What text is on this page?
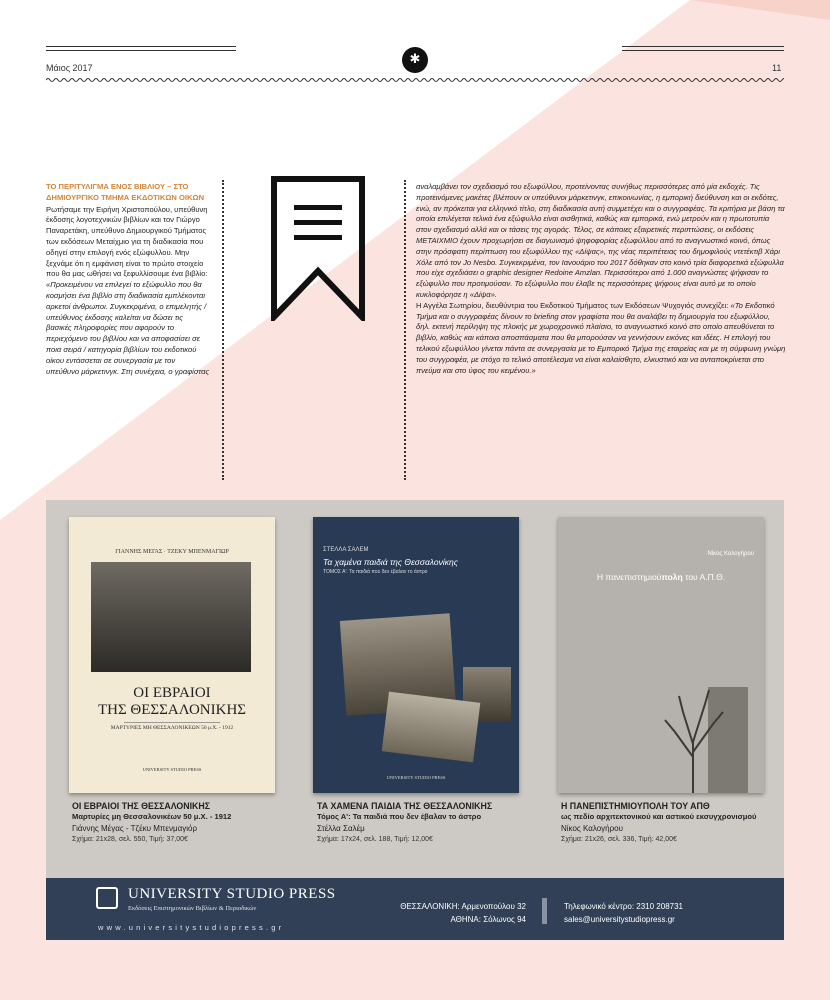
✱
Μάιος 2017	11

ΤΟ ΠΕΡΙΤΥΛΙΓΜΑ ΕΝΟΣ ΒΙΒΛΙΟΥ – ΣΤΟ ΔΗΜΙΟΥΡΓΙΚΟ ΤΜΗΜΑ ΕΚΔΟΤΙΚΩΝ ΟΙΚΩΝ

Ρωτήσαμε την Ειρήνη Χριστοπούλου, υπεύθυνη έκδοσης λογοτεχνικών βιβλίων και τον Γιώργο Παναρετάκη, υπεύθυνο Δημιουργικού Τμήματος των εκδόσεων Μεταίχμιο για τη διαδικασία που οδηγεί στην επιλογή ενός εξώφυλλου. Μην ξεχνάμε ότι η εμφάνιση είναι το πρώτο στοιχείο που θα μας ωθήσει να ξεφυλλίσουμε ένα βιβλίο: «Προκειμένου να επιλεγεί το εξώφυλλο που θα κοσμήσει ένα βιβλίο στη διαδικασία εμπλέκονται αρκετοί άνθρωποι. Συγκεκριμένα, ο επιμελητής / υπεύθυνος έκδοσης καλείται να δώσει τις βασικές πληροφορίες που αφορούν το περιεχόμενο του βιβλίου και να αποφασίσει σε ποια σειρά / κατηγορία βιβλίων του εκδοτικού οίκου εντάσσεται σε συνεργασία με τον υπεύθυνο μάρκετινγκ. Στη συνέχεια, ο γραφίστας

αναλαμβάνει τον σχεδιασμό του εξωφύλλου, προτείνοντας συνήθως περισσότερες από μία εκδοχές. Τις προτεινόμενες μακέτες βλέπουν οι υπεύθυνοι μάρκετινγκ, επικοινωνίας, η εμπορική διεύθυνση και οι εκδότες, ενώ, αν πρόκειται για ελληνικό τίτλο, στη διαδικασία αυτή συμμετέχει και ο συγγραφέας. Τα κριτήρια με βάση τα οποία επιλέγεται τελικά ένα εξώφυλλο είναι αισθητικά, καθώς και εμπορικά, ενώ μετρούν και η πρωτοτυπία στον σχεδιασμό αλλά και οι τάσεις της αγοράς. Τέλος, σε κάποιες εξαιρετικές περιπτώσεις, οι εκδόσεις ΜΕΤΑΙΧΜΙΟ έχουν προχωρήσει σε διαγωνισμό ψηφοφορίας εξωφύλλου από το αναγνωστικό κοινό, όπως στην πρόσφατη περίπτωση του εξωφύλλου της «Δίψας», της νέας περιπέτειας του δημοφιλούς ντετέκτιβ Χάρι Χόλε από τον Jo Nesbo. Συγκεκριμένα, τον Ιανουάριο του 2017 δόθηκαν στο κοινό τρία διαφορετικά εξώφυλλα που είχε σχεδιάσει ο graphic designer Redoine Amzlan. Περισσότεροι από 1.000 αναγνώστες ψήφισαν το εξώφυλλο που προτιμούσαν. Το εξώφυλλο που έλαβε τις περισσότερες ψήφους είναι αυτό με το οποίο κυκλοφόρησε η «Δίψα».

Η Αγγέλα Σωτηρίου, διευθύντρια του Εκδοτικού Τμήματος των Εκδόσεων Ψυχογιός συνεχίζει: «Το Εκδοτικό Τμήμα και ο συγγραφέας δίνουν το briefing στον γραφίστα που θα αναλάβει τη δημιουργία του εξωφύλλου, δηλ. εκτενή περίληψη της πλοκής με χωροχρονικό πλαίσιο, το αναγνωστικό κοινό στο οποίο απευθύνεται το βιβλίο, καθώς και κάποια αποσπάσματα που θα μπορούσαν να γεννήσουν εικόνες και ιδέες. Η επιλογή του τελικού εξωφύλλου γίνεται πάντα σε συνεργασία με το Εμπορικό Τμήμα της εταιρείας και με τη σύμφωνη γνώμη του συγγραφέα, με στόχο το τελικό αποτέλεσμα να είναι καλαίσθητο, ελκυστικό και να ανταποκρίνεται στο πνεύμα και στο ύφος του κειμένου.»

ΓΙΑΝΝΗΣ ΜΕΓΑΣ · ΤΖΕΚΥ ΜΠΕΝΜΑΓΙΩΡ
ΟΙ ΕΒΡΑΙΟΙ
ΤΗΣ ΘΕΣΣΑΛΟΝΙΚΗΣ
ΜΑΡΤΥΡΙΕΣ ΜΗ ΘΕΣΣΑΛΟΝΙΚΕΩΝ 50 μ.Χ. - 1912
UNIVERSITY STUDIO PRESS
ΣΤΕΛΛΑ ΣΑΛΕΜ
Τα χαμένα παιδιά της Θεσσαλονίκης
ΤΟΜΟΣ Α': Τα παιδιά που δεν έβαλαν το άστρο
UNIVERSITY STUDIO PRESS
Νίκος Καλογήρου
Η πανεπιστημιούπολη του Α.Π.Θ.
ΟΙ ΕΒΡΑΙΟΙ ΤΗΣ ΘΕΣΣΑΛΟΝΙΚΗΣ
Μαρτυρίες μη Θεσσαλονικέων 50 μ.Χ. - 1912
Γιάννης Μέγας - Τζέκυ Μπενμαγιόρ
Σχήμα: 21x28, σελ. 550, Τιμή: 37,00€
ΤΑ ΧΑΜΕΝΑ ΠΑΙΔΙΑ ΤΗΣ ΘΕΣΣΑΛΟΝΙΚΗΣ
Τόμος Α': Τα παιδιά που δεν έβαλαν το άστρο
Στέλλα Σαλέμ
Σχήμα: 17x24, σελ. 188, Τιμή: 12,00€
Η ΠΑΝΕΠΙΣΤΗΜΙΟΥΠΟΛΗ ΤΟΥ ΑΠΘ
ως πεδίο αρχιτεκτονικού και αστικού εκσυγχρονισμού
Νίκος Καλογήρου
Σχήμα: 21x26, σελ. 336, Τιμή: 42,00€
UNIVERSITY STUDIO PRESS
Εκδόσεις Επιστημονικών Βιβλίων & Περιοδικών
www.universitystudiopress.gr
ΘΕΣΣΑΛΟΝΙΚΗ: Αρμενοπούλου 32
ΑΘΗΝΑ: Σόλωνος 94
Τηλεφωνικό κέντρο: 2310 208731
sales@universitystudiopress.gr
